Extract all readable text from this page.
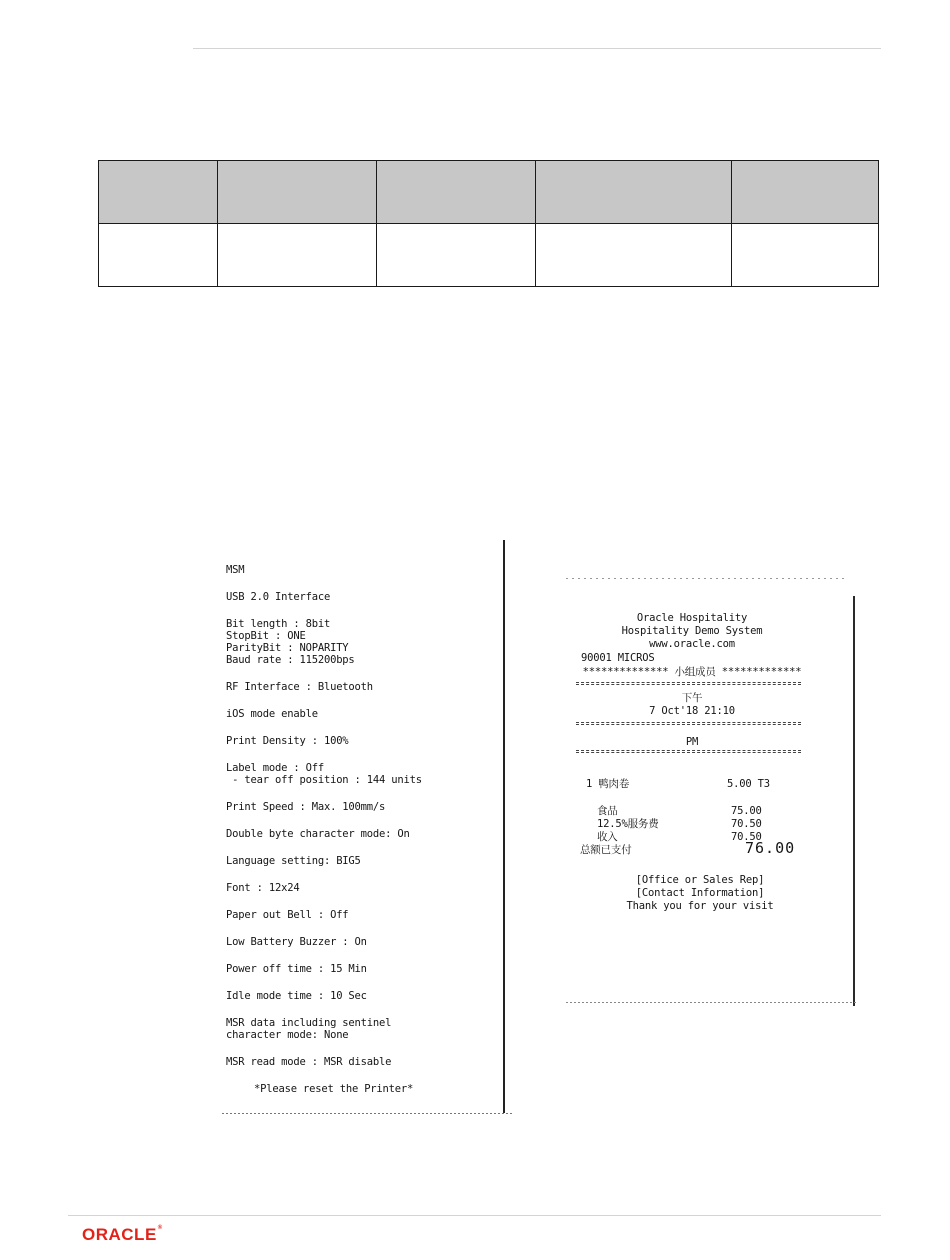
MSM
USB 2.0 Interface
Bit length : 8bit
StopBit : ONE
ParityBit : NOPARITY
Baud rate : 115200bps
RF Interface : Bluetooth
iOS mode enable
Print Density : 100%
Label mode : Off
- tear off position : 144 units
Print Speed : Max. 100mm/s
Double byte character mode: On
Language setting: BIG5
Font : 12x24
Paper out Bell : Off
Low Battery Buzzer : On
Power off time : 15 Min
Idle mode time : 10 Sec
MSR data including sentinel
character mode: None
MSR read mode : MSR disable
*Please reset the Printer*
Oracle Hospitality
Hospitality Demo System
www.oracle.com
90001 MICROS
************** 小组成员 *************
下午
7 Oct'18 21:10
PM
1 鸭肉卷	5.00 T3
食品	75.00
12.5%服务费	70.50
收入	70.50
总额已支付	76.00
[Office or Sales Rep]
[Contact Information]
Thank you for your visit
ORACLE®
